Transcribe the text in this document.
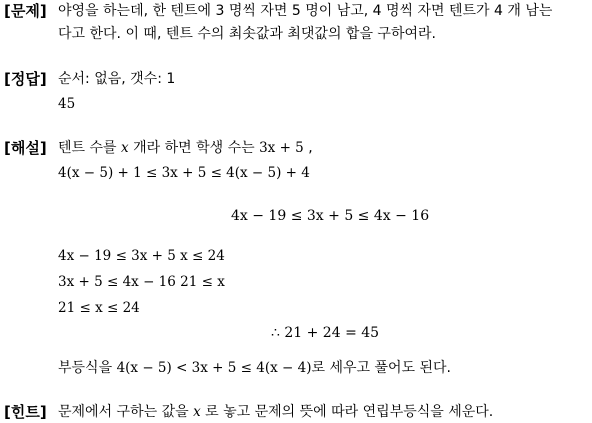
[문제] 야영을 하는데, 한 텐트에 3 명씩 자면 5 명이 남고, 4 명씩 자면 텐트가 4 개 남는
다고 한다. 이 때, 텐트 수의 최솟값과 최댓값의 합을 구하여라.
[정답] 순서: 없음, 갯수: 1
45
[해설] 텐트 수를 x 개라 하면 학생 수는 3x + 5 ,
4(x − 5) + 1 ≤ 3x + 5 ≤ 4(x − 5) + 4
4x − 19 ≤ 3x + 5 ≤ 4x − 16
4x − 19 ≤ 3x + 5 x ≤ 24
3x + 5 ≤ 4x − 16 21 ≤ x
21 ≤ x ≤ 24
∴ 21 + 24 = 45
부등식을 4(x − 5) < 3x + 5 ≤ 4(x − 4)로 세우고 풀어도 된다.
[힌트] 문제에서 구하는 값을 x 로 놓고 문제의 뜻에 따라 연립부등식을 세운다.
